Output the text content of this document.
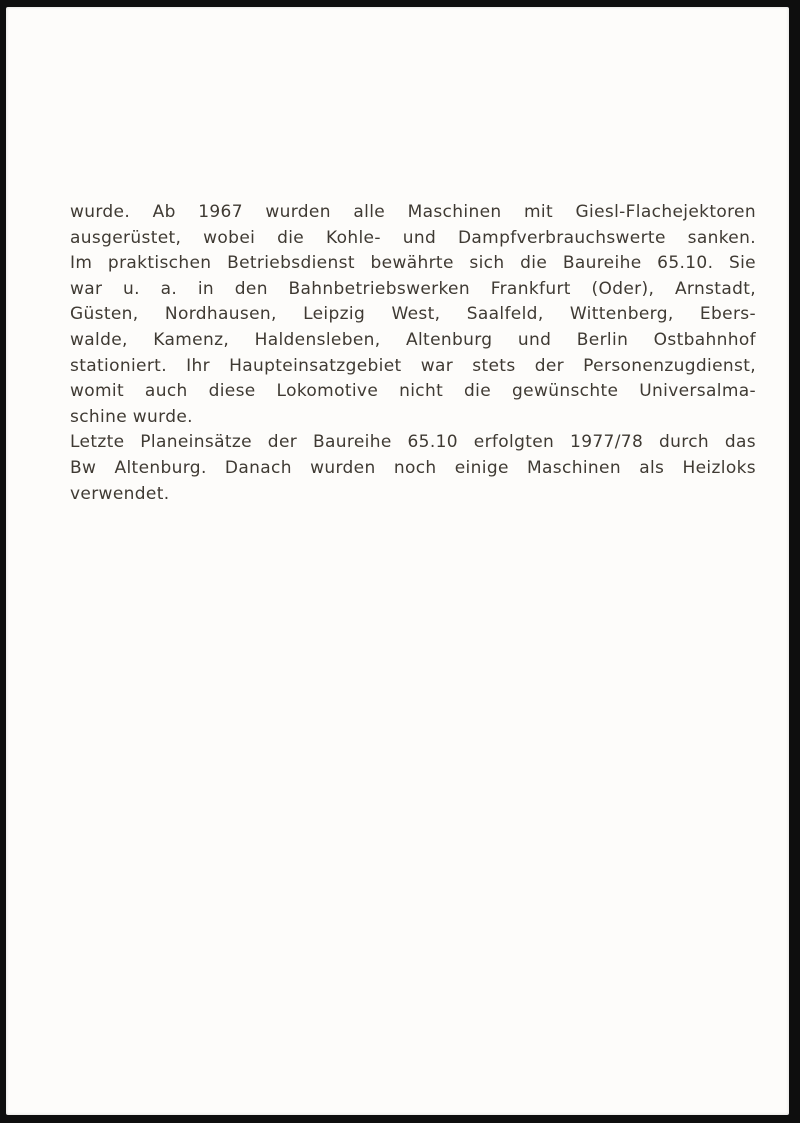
wurde. Ab 1967 wurden alle Maschinen mit Giesl-Flachejektoren
ausgerüstet, wobei die Kohle- und Dampfverbrauchswerte sanken.
Im praktischen Betriebsdienst bewährte sich die Baureihe 65.10. Sie
war u. a. in den Bahnbetriebswerken Frankfurt (Oder), Arnstadt,
Güsten, Nordhausen, Leipzig West, Saalfeld, Wittenberg, Ebers-
walde, Kamenz, Haldensleben, Altenburg und Berlin Ostbahnhof
stationiert. Ihr Haupteinsatzgebiet war stets der Personenzugdienst,
womit auch diese Lokomotive nicht die gewünschte Universalma-
schine wurde.
Letzte Planeinsätze der Baureihe 65.10 erfolgten 1977/78 durch das
Bw Altenburg. Danach wurden noch einige Maschinen als Heizloks
verwendet.
